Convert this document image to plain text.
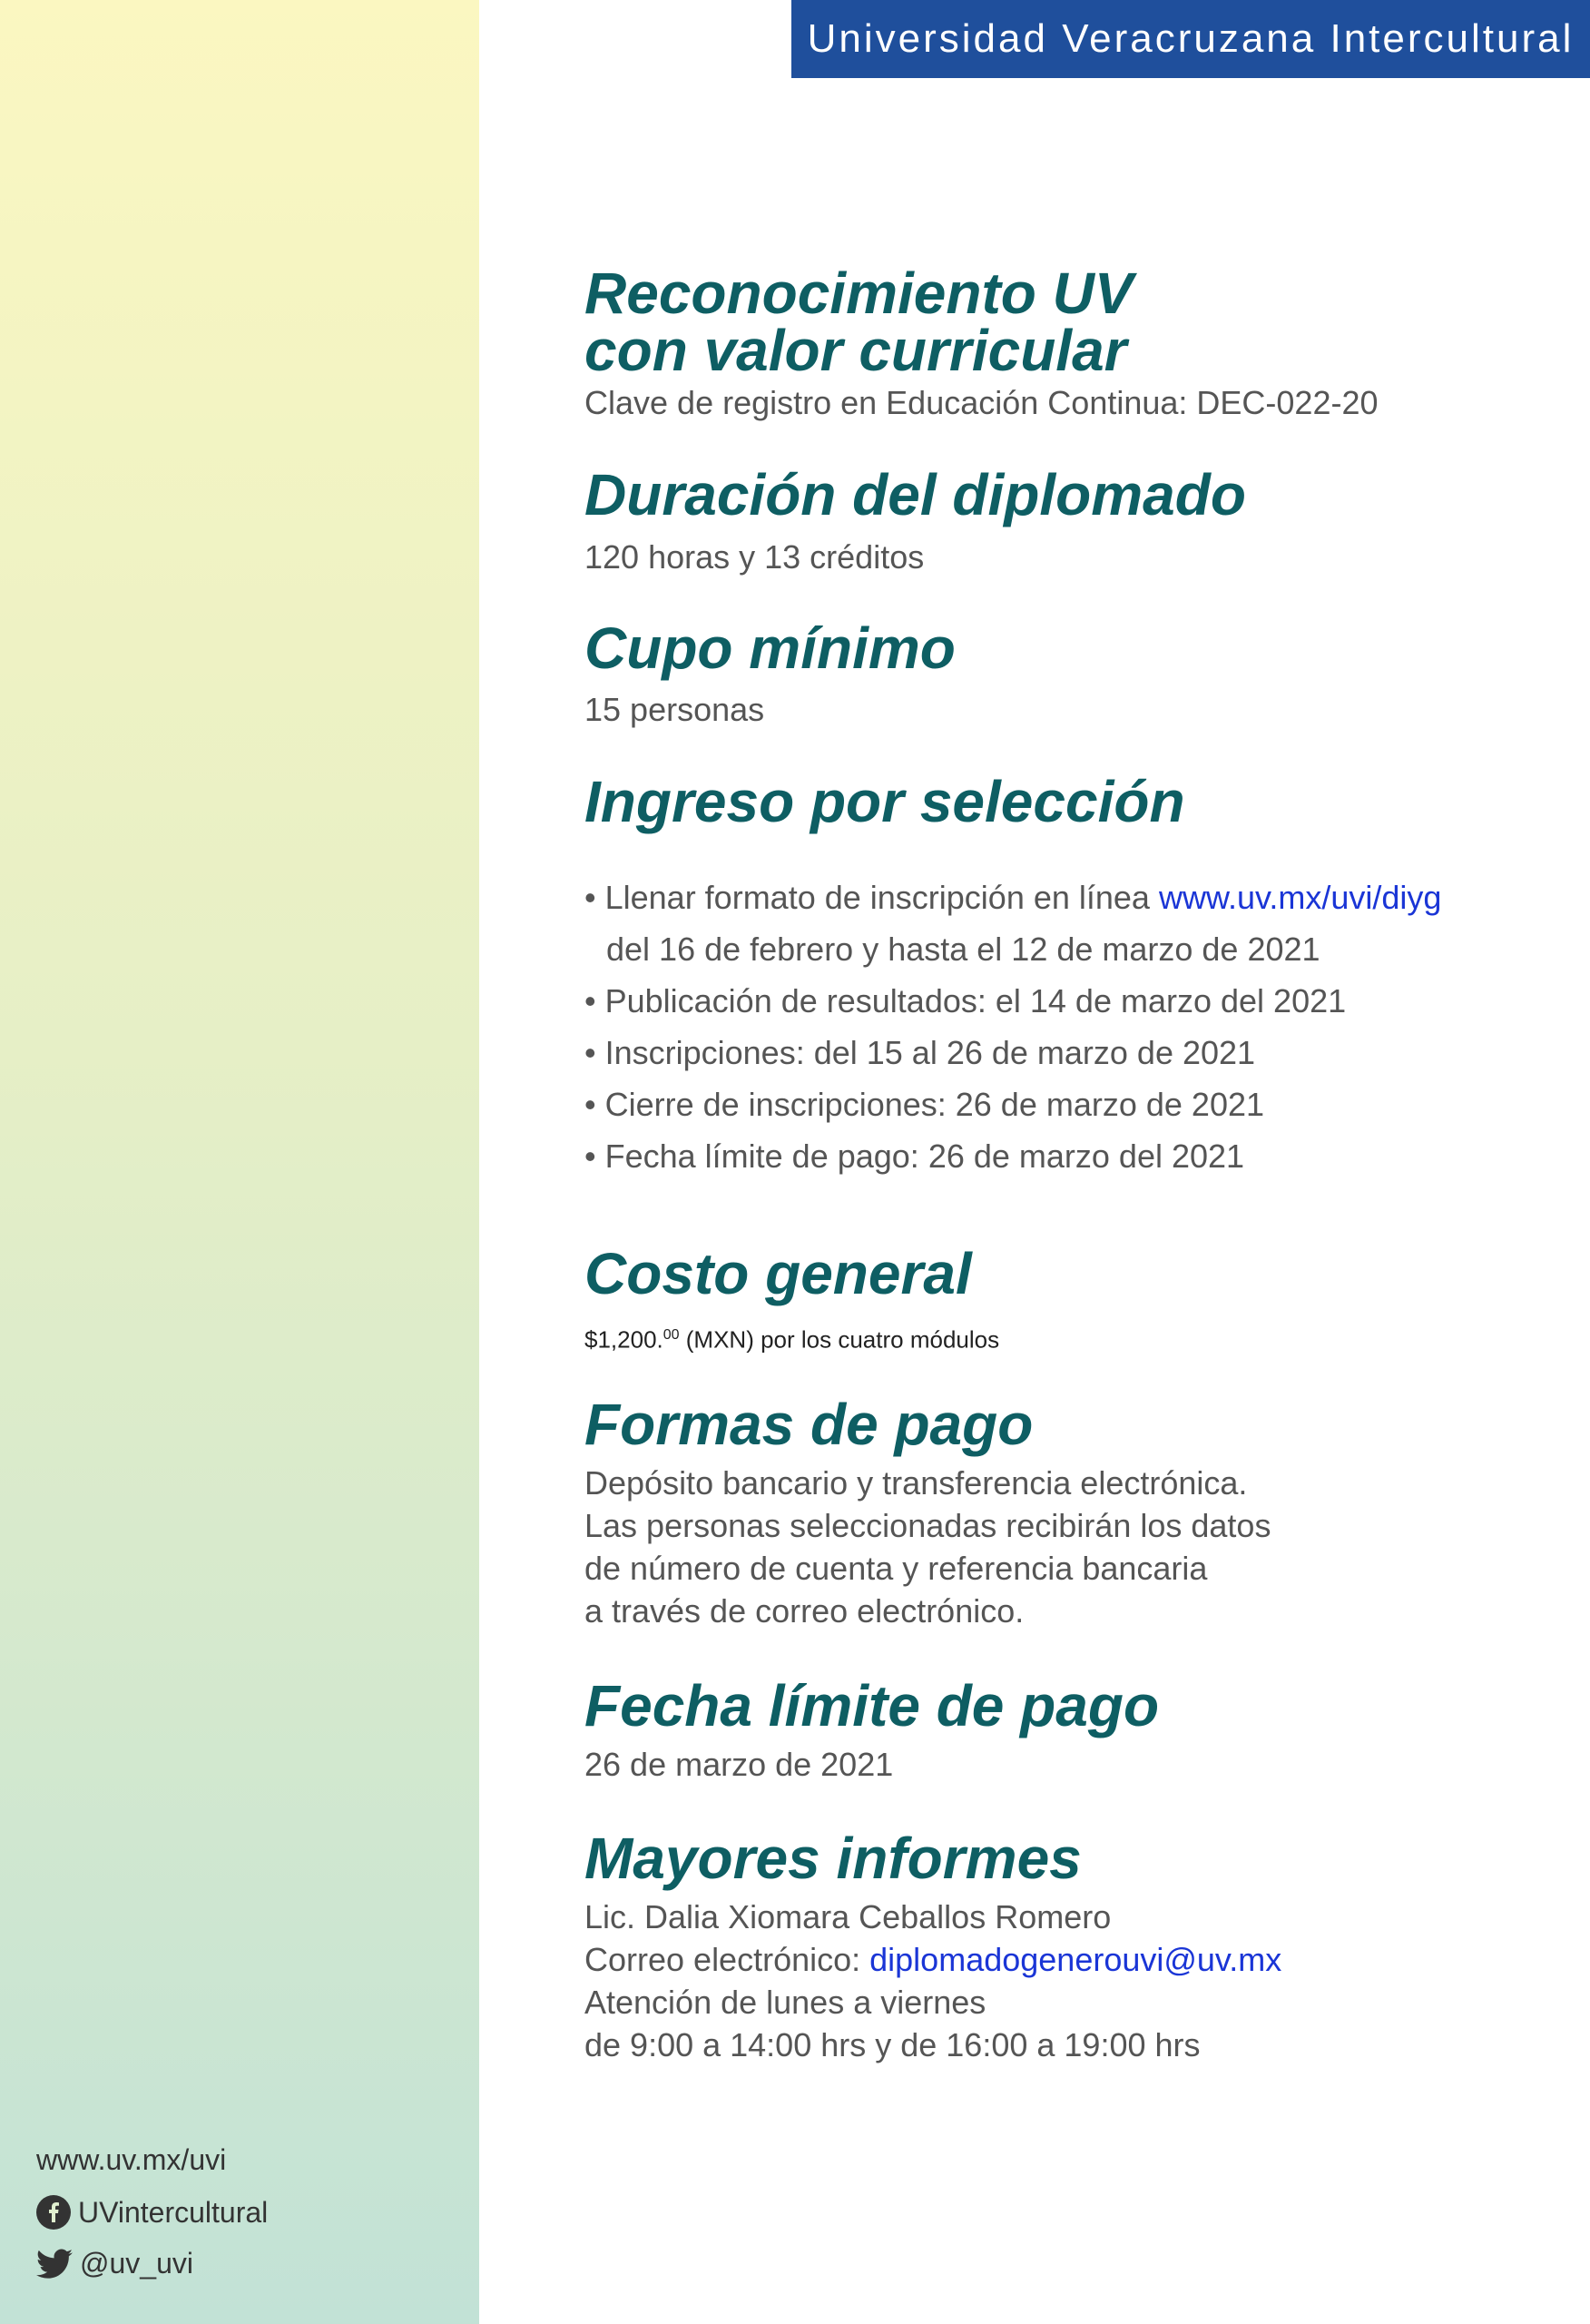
Universidad Veracruzana Intercultural
Reconocimiento UV
con valor curricular

Clave de registro en Educación Continua: DEC-022-20

Duración del diplomado

120 horas y 13 créditos

Cupo mínimo

15 personas

Ingreso por selección
• Llenar formato de inscripción en línea www.uv.mx/uvi/diyg
del 16 de febrero y hasta el 12 de marzo de 2021
• Publicación de resultados: el 14 de marzo del 2021
• Inscripciones: del 15 al 26 de marzo de 2021
• Cierre de inscripciones: 26 de marzo de 2021
• Fecha límite de pago: 26 de marzo del 2021
Costo general

$1,200.00 (MXN) por los cuatro módulos

Formas de pago

Depósito bancario y transferencia electrónica.

Las personas seleccionadas recibirán los datos

de número de cuenta y referencia bancaria

a través de correo electrónico.

Fecha límite de pago

26 de marzo de 2021

Mayores informes

Lic. Dalia Xiomara Ceballos Romero

Correo electrónico: diplomadogenerouvi@uv.mx

Atención de lunes a viernes

de 9:00 a 14:00 hrs y de 16:00 a 19:00 hrs

www.uv.mx/uvi
UVintercultural
@uv_uvi
